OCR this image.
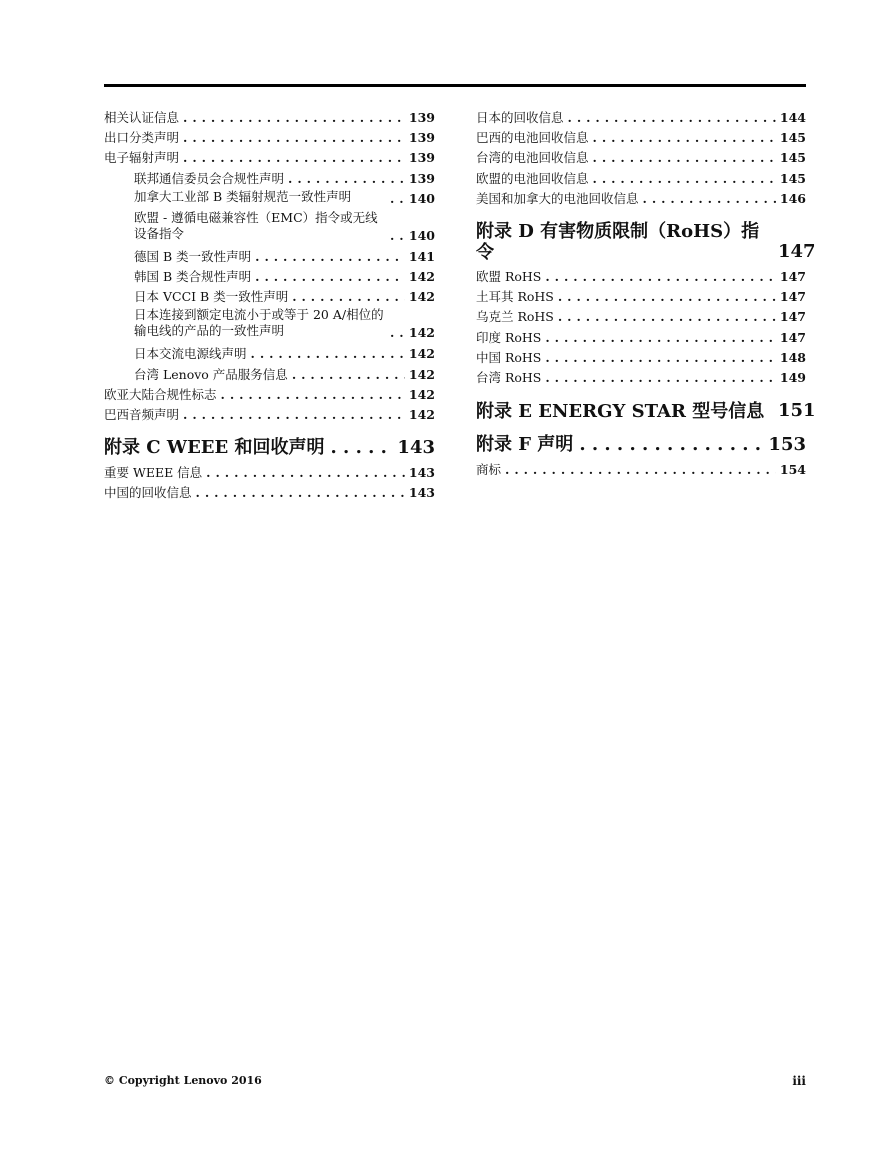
相关认证信息 . . .	139
出口分类声明 . . .	139
电子辐射声明 . . .	139
联邦通信委员会合规性声明 . . .	139
加拿大工业部 B 类辐射规范一致性声明 . . .	140
欧盟 - 遵循电磁兼容性（EMC）指令或无线设备指令 . . .	140
德国 B 类一致性声明 . . .	141
韩国 B 类合规性声明 . . .	142
日本 VCCI B 类一致性声明 . . .	142
日本连接到额定电流小于或等于 20 A/相位的输电线的产品的一致性声明 . . .	142
日本交流电源线声明 . . .	142
台湾 Lenovo 产品服务信息 . . .	142
欧亚大陆合规性标志 . . .	142
巴西音频声明 . . .	142
附录 C WEEE 和回收声明 . . .	143
重要 WEEE 信息 . . .	143
中国的回收信息 . . .	143
日本的回收信息 . . .	144
巴西的电池回收信息 . . .	145
台湾的电池回收信息 . . .	145
欧盟的电池回收信息 . . .	145
美国和加拿大的电池回收信息 . . .	146
附录 D 有害物质限制（RoHS）指令	147
欧盟 RoHS . . .	147
土耳其 RoHS . . .	147
乌克兰 RoHS . . .	147
印度 RoHS . . .	147
中国 RoHS . . .	148
台湾 RoHS . . .	149
附录 E ENERGY STAR 型号信息 151
附录 F 声明 . . .	153
商标 . . .	154
© Copyright Lenovo 2016	iii
